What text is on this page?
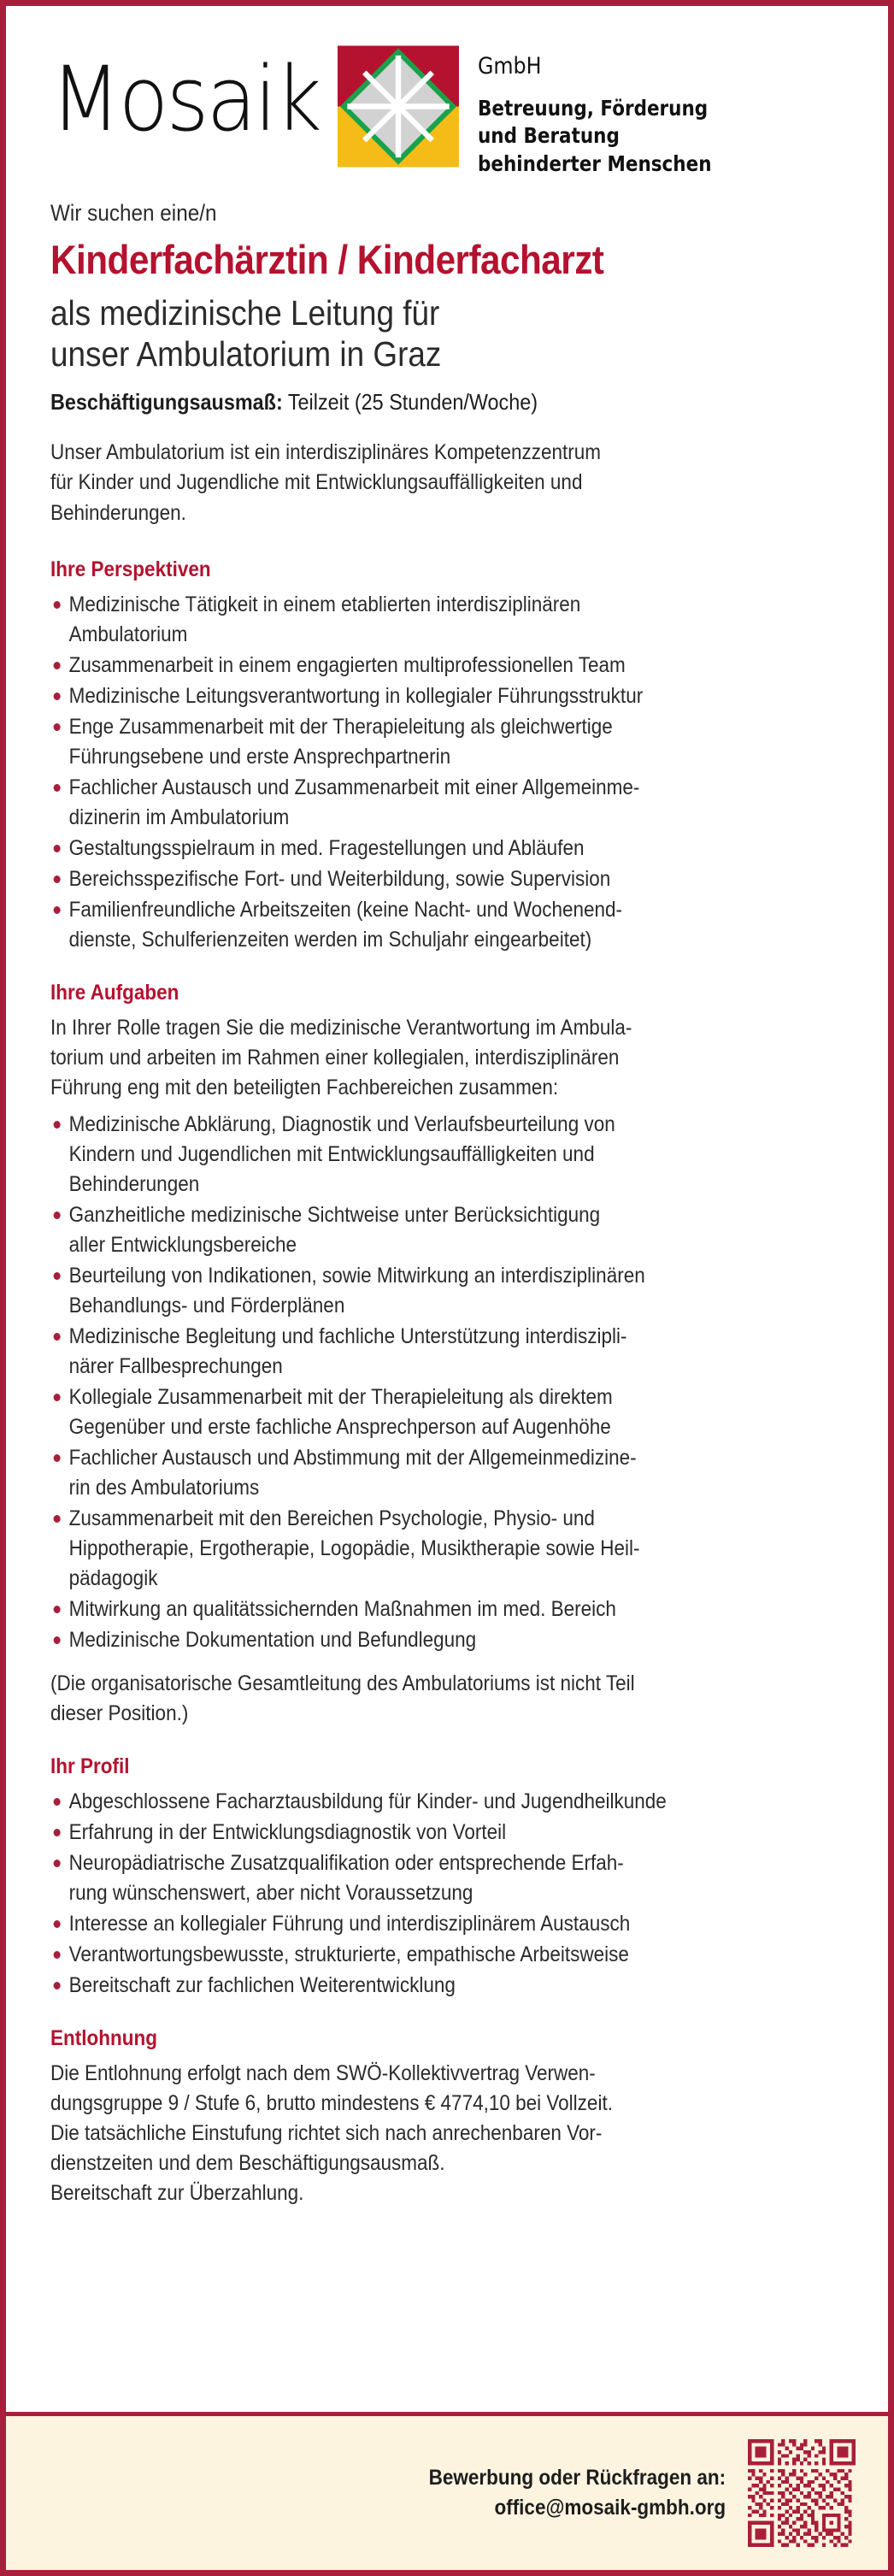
Mosaik	GmbH
Betreuung, Förderung
und Beratung
behinderter Menschen
Wir suchen eine/n
Kinderfachärztin / Kinderfacharzt
als medizinische Leitung für
unser Ambulatorium in Graz
Beschäftigungsausmaß: Teilzeit (25 Stunden/Woche)
Unser Ambulatorium ist ein interdisziplinäres Kompetenzzentrum
für Kinder und Jugendliche mit Entwicklungsauffälligkeiten und
Behinderungen.
Ihre Perspektiven
Medizinische Tätigkeit in einem etablierten interdisziplinären
Ambulatorium
Zusammenarbeit in einem engagierten multiprofessionellen Team
Medizinische Leitungsverantwortung in kollegialer Führungsstruktur
Enge Zusammenarbeit mit der Therapieleitung als gleichwertige
Führungsebene und erste Ansprechpartnerin
Fachlicher Austausch und Zusammenarbeit mit einer Allgemeinme-
dizinerin im Ambulatorium
Gestaltungsspielraum in med. Fragestellungen und Abläufen
Bereichsspezifische Fort- und Weiterbildung, sowie Supervision
Familienfreundliche Arbeitszeiten (keine Nacht- und Wochenend-
dienste, Schulferienzeiten werden im Schuljahr eingearbeitet)
Ihre Aufgaben
In Ihrer Rolle tragen Sie die medizinische Verantwortung im Ambula-
torium und arbeiten im Rahmen einer kollegialen, interdisziplinären
Führung eng mit den beteiligten Fachbereichen zusammen:
Medizinische Abklärung, Diagnostik und Verlaufsbeurteilung von
Kindern und Jugendlichen mit Entwicklungsauffälligkeiten und
Behinderungen
Ganzheitliche medizinische Sichtweise unter Berücksichtigung
aller Entwicklungsbereiche
Beurteilung von Indikationen, sowie Mitwirkung an interdisziplinären
Behandlungs- und Förderplänen
Medizinische Begleitung und fachliche Unterstützung interdiszipli-
närer Fallbesprechungen
Kollegiale Zusammenarbeit mit der Therapieleitung als direktem
Gegenüber und erste fachliche Ansprechperson auf Augenhöhe
Fachlicher Austausch und Abstimmung mit der Allgemeinmedizine-
rin des Ambulatoriums
Zusammenarbeit mit den Bereichen Psychologie, Physio- und
Hippotherapie, Ergotherapie, Logopädie, Musiktherapie sowie Heil-
pädagogik
Mitwirkung an qualitätssichernden Maßnahmen im med. Bereich
Medizinische Dokumentation und Befundlegung
(Die organisatorische Gesamtleitung des Ambulatoriums ist nicht Teil
dieser Position.)
Ihr Profil
Abgeschlossene Facharztausbildung für Kinder- und Jugendheilkunde
Erfahrung in der Entwicklungsdiagnostik von Vorteil
Neuropädiatrische Zusatzqualifikation oder entsprechende Erfah-
rung wünschenswert, aber nicht Voraussetzung
Interesse an kollegialer Führung und interdisziplinärem Austausch
Verantwortungsbewusste, strukturierte, empathische Arbeitsweise
Bereitschaft zur fachlichen Weiterentwicklung
Entlohnung
Die Entlohnung erfolgt nach dem SWÖ-Kollektivvertrag Verwen-
dungsgruppe 9 / Stufe 6, brutto mindestens € 4774,10 bei Vollzeit.
Die tatsächliche Einstufung richtet sich nach anrechenbaren Vor-
dienstzeiten und dem Beschäftigungsausmaß.
Bereitschaft zur Überzahlung.
Bewerbung oder Rückfragen an:
office@mosaik-gmbh.org
